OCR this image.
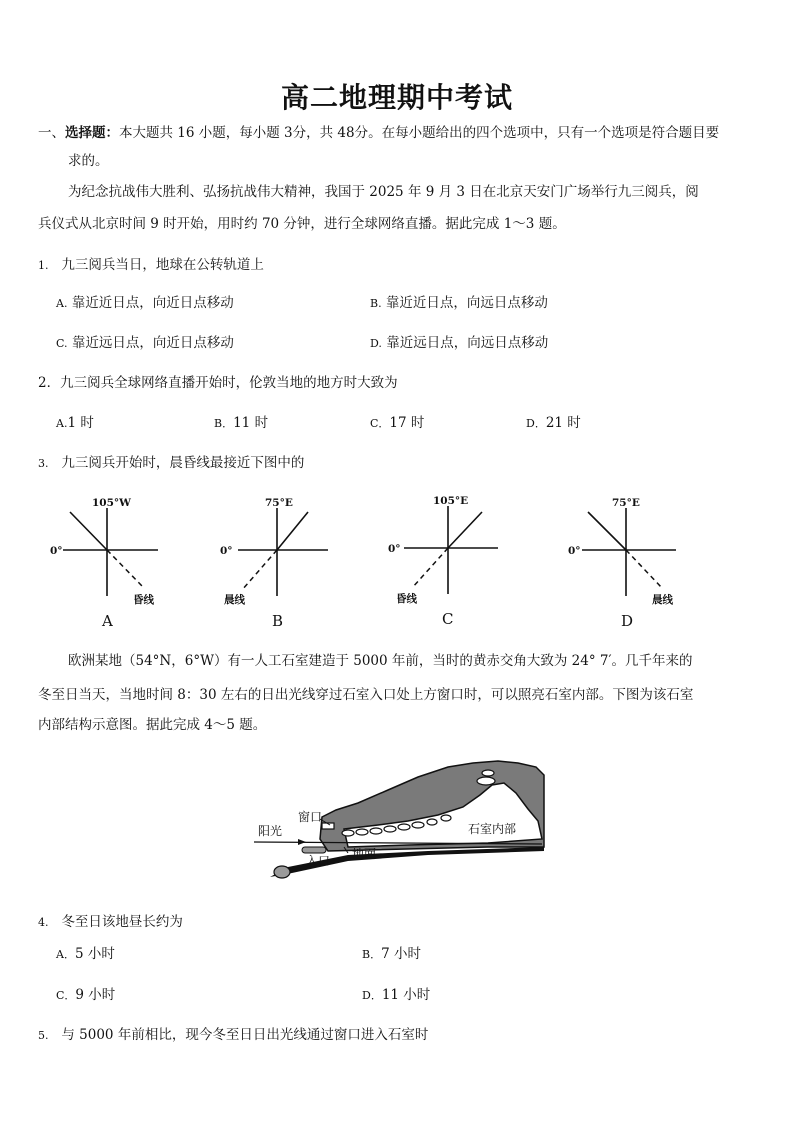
高二地理期中考试
一、选择题：本大题共 16 小题，每小题 3分，共 48分。在每小题给出的四个选项中，只有一个选项是符合题目要
求的。
为纪念抗战伟大胜利、弘扬抗战伟大精神，我国于 2025 年 9 月 3 日在北京天安门广场举行九三阅兵，阅
兵仪式从北京时间 9 时开始，用时约 70 分钟，进行全球网络直播。据此完成 1～3 题。
1. 九三阅兵当日，地球在公转轨道上
A. 靠近近日点，向近日点移动	B. 靠近近日点，向远日点移动
C. 靠近远日点，向近日点移动	D. 靠近远日点，向远日点移动
2．九三阅兵全球网络直播开始时，伦敦当地的地方时大致为
A.1 时	B．11 时	C．17 时	D．21 时
3. 九三阅兵开始时，晨昏线最接近下图中的
105°W
0°
昏线
A
75°E
0°
晨线
B
105°E
0°
昏线
C
75°E
0°
晨线
D
欧洲某地（54°N，6°W）有一人工石室建造于 5000 年前，当时的黄赤交角大致为 24° 7′。几千年来的
冬至日当天，当地时间 8：30 左右的日出光线穿过石室入口处上方窗口时，可以照亮石室内部。下图为该石室
内部结构示意图。据此完成 4～5 题。
阳光
窗口
入口 地面
石室内部
4. 冬至日该地昼长约为
A．5 小时	B．7 小时
C．9 小时	D．11 小时
5. 与 5000 年前相比，现今冬至日日出光线通过窗口进入石室时
